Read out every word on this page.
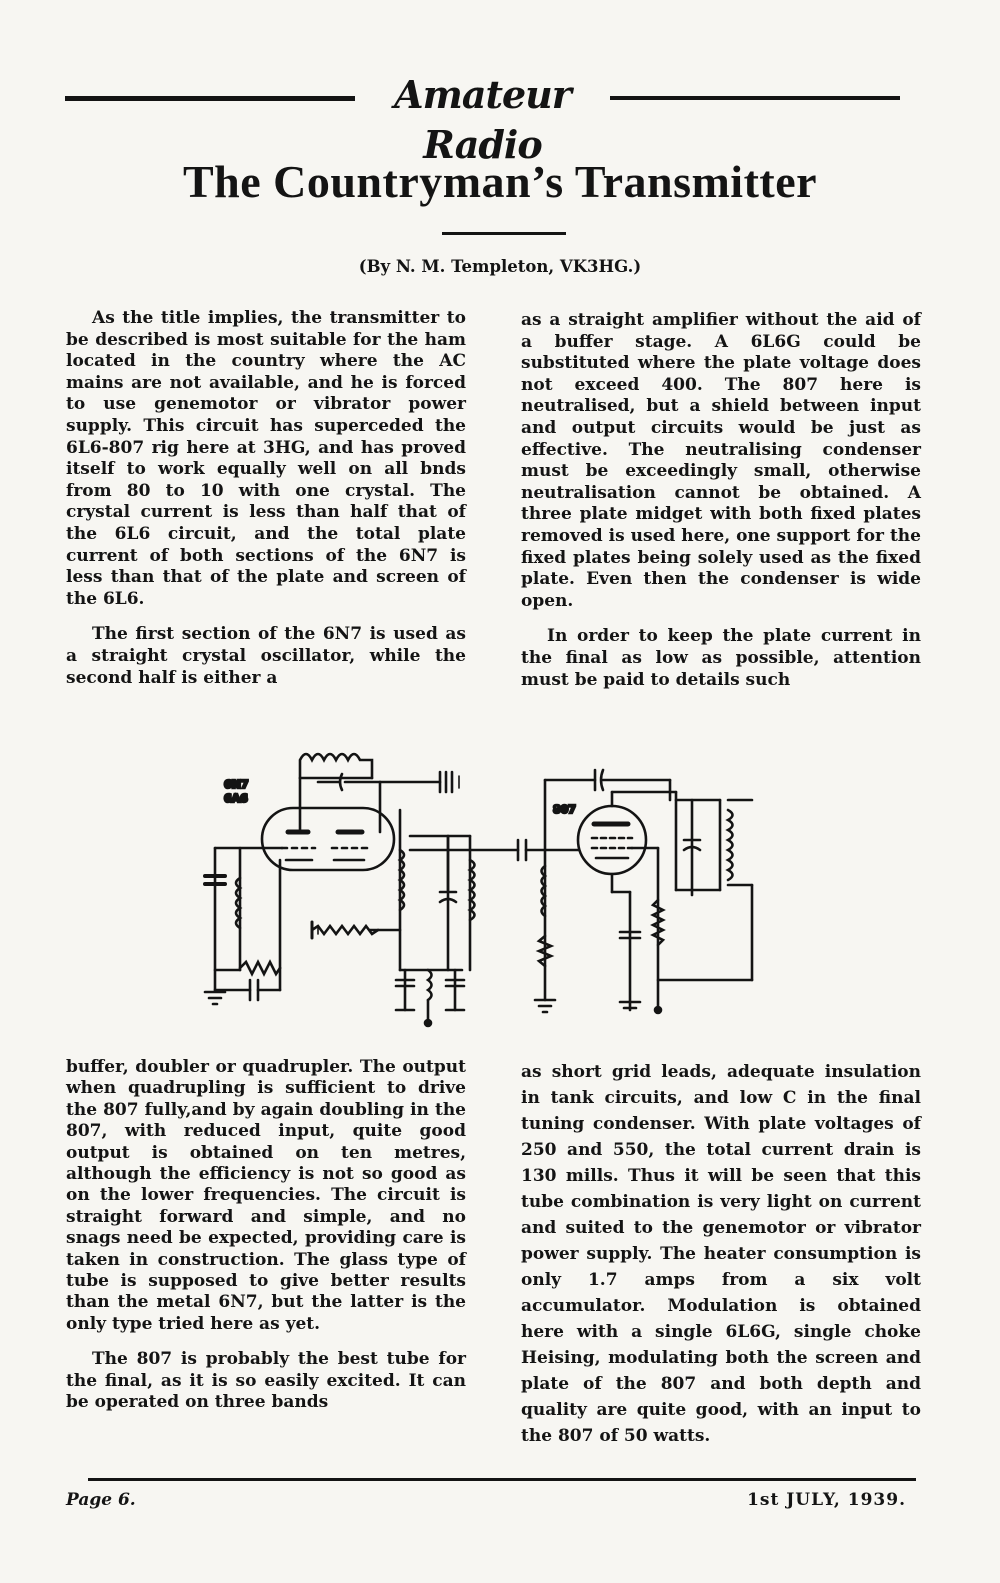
Amateur Radio
The Countryman’s Transmitter
(By N. M. Templeton, VK3HG.)

As the title implies, the transmitter to be described is most suitable for the ham located in the country where the AC mains are not available, and he is forced to use genemotor or vibrator power supply. This circuit has superceded the 6L6-807 rig here at 3HG, and has proved itself to work equally well on all bnds from 80 to 10 with one crystal. The crystal current is less than half that of the 6L6 circuit, and the total plate current of both sections of the 6N7 is less than that of the plate and screen of the 6L6.

The first section of the 6N7 is used as a straight crystal oscillator, while the second half is either a

as a straight amplifier without the aid of a buffer stage. A 6L6G could be substituted where the plate voltage does not exceed 400. The 807 here is neutralised, but a shield between input and output circuits would be just as effective. The neutralising condenser must be exceedingly small, otherwise neutralisation cannot be obtained. A three plate midget with both fixed plates removed is used here, one support for the fixed plates being solely used as the fixed plate. Even then the condenser is wide open.

In order to keep the plate current in the final as low as possible, attention must be paid to details such

6N7
6A6
807

buffer, doubler or quadrupler. The output when quadrupling is sufficient to drive the 807 fully,and by again doubling in the 807, with reduced input, quite good output is obtained on ten metres, although the efficiency is not so good as on the lower frequencies. The circuit is straight forward and simple, and no snags need be expected, providing care is taken in construction. The glass type of tube is supposed to give better results than the metal 6N7, but the latter is the only type tried here as yet.

The 807 is probably the best tube for the final, as it is so easily excited. It can be operated on three bands

as short grid leads, adequate insulation in tank circuits, and low C in the final tuning condenser. With plate voltages of 250 and 550, the total current drain is 130 mills. Thus it will be seen that this tube combination is very light on current and suited to the genemotor or vibrator power supply. The heater consumption is only 1.7 amps from a six volt accumulator. Modulation is obtained here with a single 6L6G, single choke Heising, modulating both the screen and plate of the 807 and both depth and quality are quite good, with an input to the 807 of 50 watts.

Page 6.	1st JULY, 1939.
